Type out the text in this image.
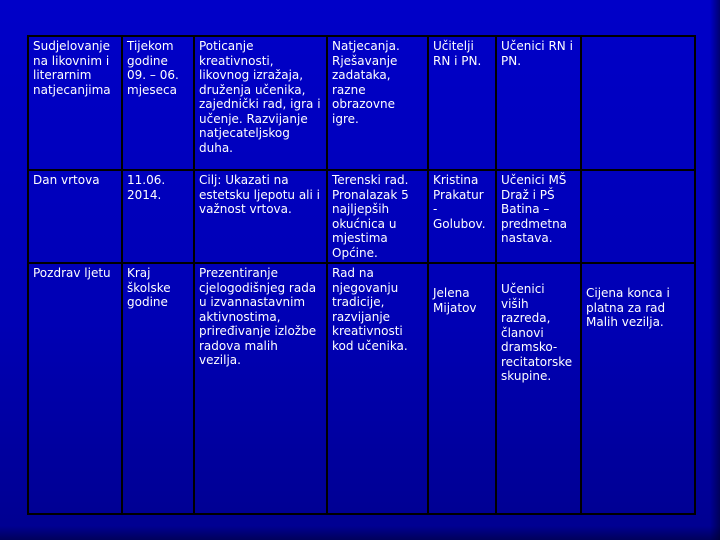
Sudjelovanje na likovnim i literarnim natjecanjima	Tijekom godine 09. – 06. mjeseca	Poticanje kreativnosti, likovnog izražaja, druženja učenika, zajednički rad, igra i učenje. Razvijanje natjecateljskog duha.	Natjecanja. Rješavanje zadataka, razne obrazovne igre.	Učitelji RN i PN.	Učenici RN i PN.	
Dan vrtova	11.06. 2014.	Cilj: Ukazati na estetsku ljepotu ali i važnost vrtova.	Terenski rad. Pronalazak 5 najljepših okućnica u mjestima Općine.	Kristina Prakatur - Golubov.	Učenici MŠ Draž i PŠ Batina – predmetna nastava.	
Pozdrav ljetu	Kraj školske godine	Prezentiranje cjelogodišnjeg rada u izvannastavnim aktivnostima, priređivanje izložbe radova malih vezilja.	Rad na njegovanju tradicije, razvijanje kreativnosti kod učenika.	Jelena Mijatov	Učenici viših razreda, članovi dramsko-recitatorske skupine.	Cijena konca i platna za rad Malih vezilja.
